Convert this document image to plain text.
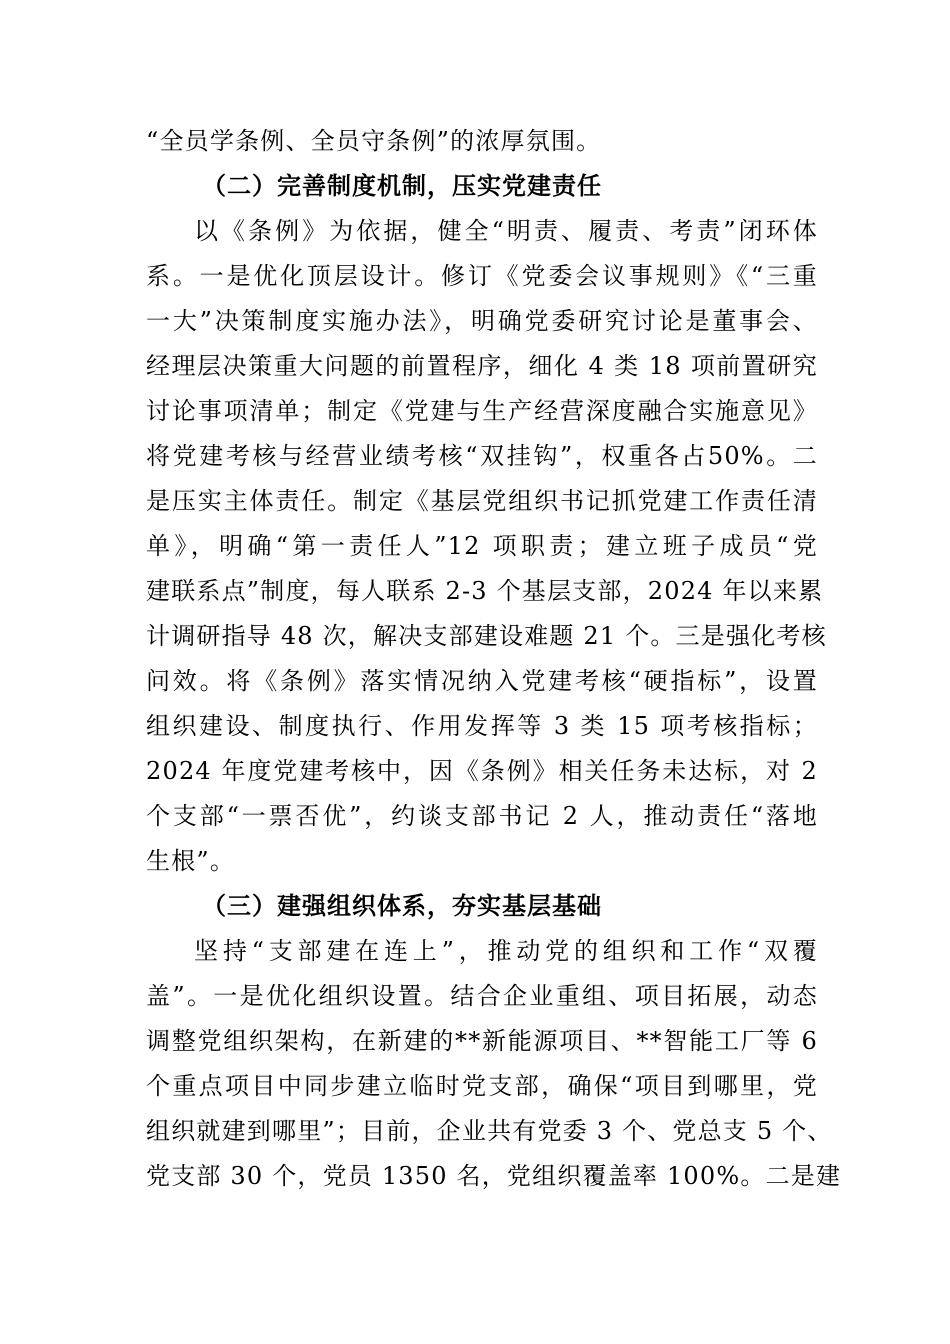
“全员学条例、全员守条例”的浓厚氛围。
（二）完善制度机制，压实党建责任
以《条例》为依据，健全“明责、履责、考责”闭环体
系。一是优化顶层设计。修订《党委会议事规则》《“三重
一大”决策制度实施办法》，明确党委研究讨论是董事会、
经理层决策重大问题的前置程序，细化 4 类 18 项前置研究
讨论事项清单；制定《党建与生产经营深度融合实施意见》
将党建考核与经营业绩考核“双挂钩”，权重各占50%。二
是压实主体责任。制定《基层党组织书记抓党建工作责任清
单》，明确“第一责任人”12 项职责；建立班子成员“党
建联系点”制度，每人联系 2-3 个基层支部，2024 年以来累
计调研指导 48 次，解决支部建设难题 21 个。三是强化考核
问效。将《条例》落实情况纳入党建考核“硬指标”，设置
组织建设、制度执行、作用发挥等 3 类 15 项考核指标；
2024 年度党建考核中，因《条例》相关任务未达标，对 2
个支部“一票否优”，约谈支部书记 2 人，推动责任“落地
生根”。
（三）建强组织体系，夯实基层基础
坚持“支部建在连上”，推动党的组织和工作“双覆
盖”。一是优化组织设置。结合企业重组、项目拓展，动态
调整党组织架构，在新建的**新能源项目、**智能工厂等 6
个重点项目中同步建立临时党支部，确保“项目到哪里，党
组织就建到哪里”；目前，企业共有党委 3 个、党总支 5 个、
党支部 30 个，党员 1350 名，党组织覆盖率 100%。二是建
